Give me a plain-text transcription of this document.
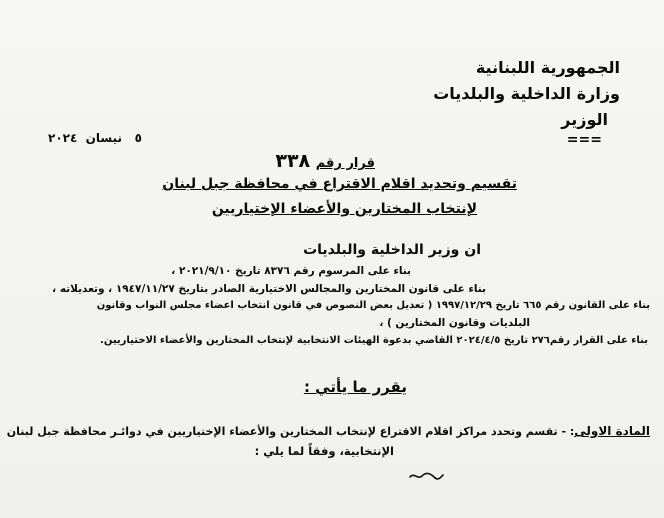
الجمهورية اللبنانية
وزارة الداخلية والبلديات
الوزير
===
٥   نيسان  ٢٠٢٤
قرار رقم ٣٣٨
تقسيم وتحديد اقلام الاقتراع في محافظة جبل لبنان
لإنتخاب المختارين والأعضاء الإختياريين
ان وزير الداخلية والبلديات
بناء على المرسوم رقم ٨٣٧٦ تاريخ ٢٠٢١/٩/١٠ ،
بناء على قانون المختارين والمجالس الاختيارية الصادر بتاريخ ١٩٤٧/١١/٢٧ ، وتعديلاته ،
بناء على القانون رقم ٦٦٥ تاريخ ١٩٩٧/١٢/٢٩ ( تعديل بعض النصوص في قانون انتخاب اعضاء مجلس النواب وقانون
البلديات وقانون المختارين ) ،
بناء على القرار رقم٢٧٦ تاريخ ٢٠٢٤/٤/٥ القاضي بدعوة الهيئات الانتخابية لإنتخاب المختارين والأعضاء الاختياريين.
يقرر ما يأتي :
المادة الاولى: - تقسم وتحدد مراكز اقلام الاقتراع لإنتخاب المختارين والأعضاء الإختياريين في دوائـر محافظة جبل لبنان
الإنتخابية، وفقاً لما يلي :
